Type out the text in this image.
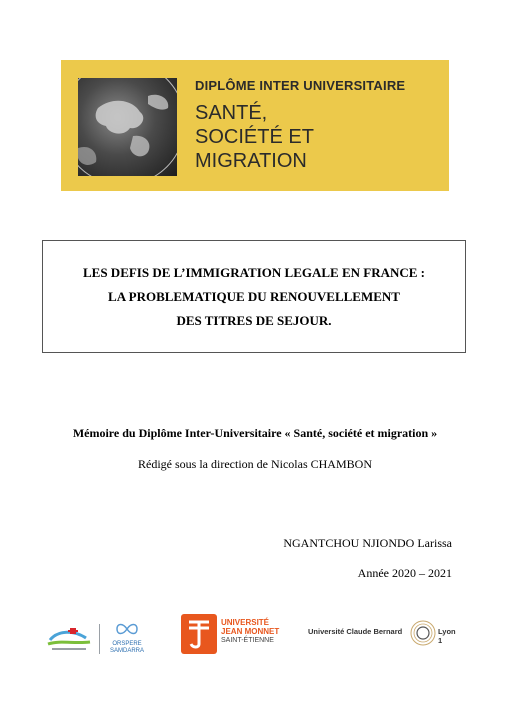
DIPLÔME INTER UNIVERSITAIRE
SANTÉ,
SOCIÉTÉ ET
MIGRATION
LES DEFIS DE L’IMMIGRATION LEGALE EN FRANCE :
LA PROBLEMATIQUE DU RENOUVELLEMENT
DES TITRES DE SEJOUR.
Mémoire du Diplôme Inter-Universitaire « Santé, société et migration »
Rédigé sous la direction de Nicolas CHAMBON
NGANTCHOU NJIONDO Larissa
Année 2020 – 2021
ORSPERE
SAMDARRA
UNIVERSITÉ
JEAN MONNET
SAINT-ÉTIENNE
Université Claude Bernard	Lyon 1
